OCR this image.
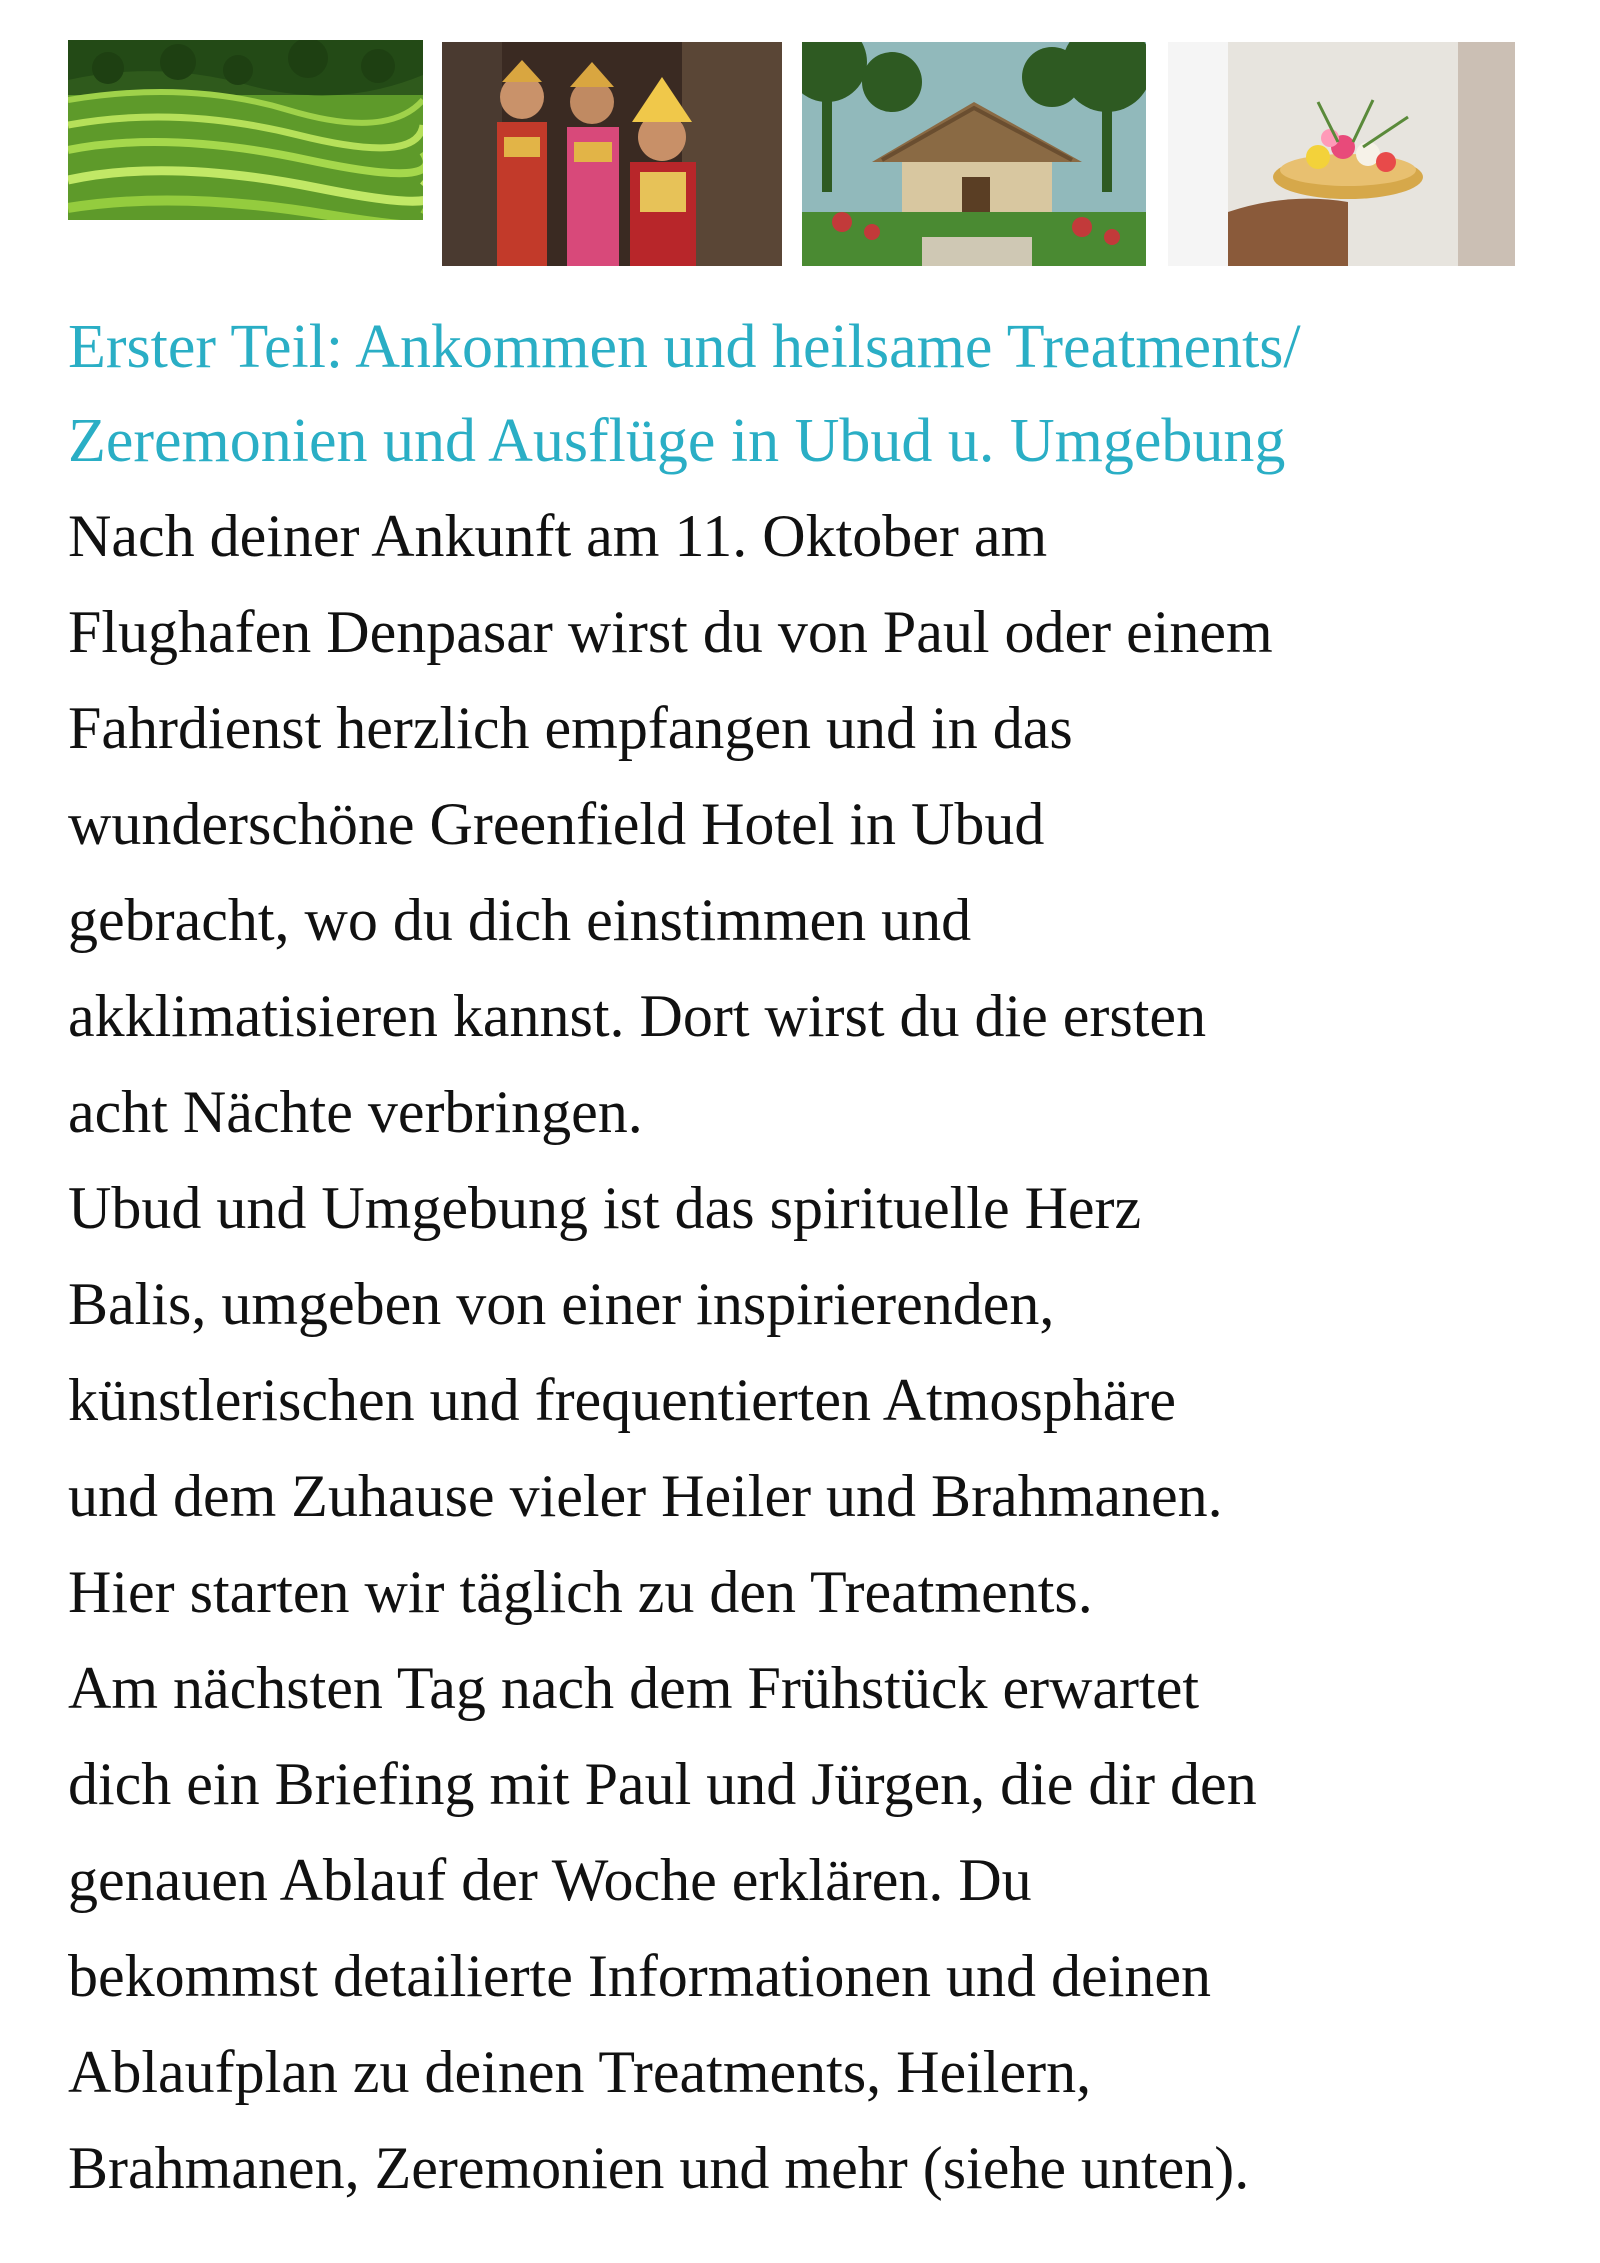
Erster Teil: Ankommen und heilsame Treatments/
Zeremonien und Ausflüge in Ubud u. Umgebung

Nach deiner Ankunft am 11. Oktober am
Flughafen Denpasar wirst du von Paul oder einem
Fahrdienst herzlich empfangen und in das
wunderschöne Greenfield Hotel in Ubud
gebracht, wo du dich einstimmen und
akklimatisieren kannst. Dort wirst du die ersten
acht Nächte verbringen.

Ubud und Umgebung ist das spirituelle Herz
Balis, umgeben von einer inspirierenden,
künstlerischen und frequentierten Atmosphäre
und dem Zuhause vieler Heiler und Brahmanen.
Hier starten wir täglich zu den Treatments.

Am nächsten Tag nach dem Frühstück erwartet
dich ein Briefing mit Paul und Jürgen, die dir den
genauen Ablauf der Woche erklären. Du
bekommst detailierte Informationen und deinen
Ablaufplan zu deinen Treatments, Heilern,
Brahmanen, Zeremonien und mehr (siehe unten).
